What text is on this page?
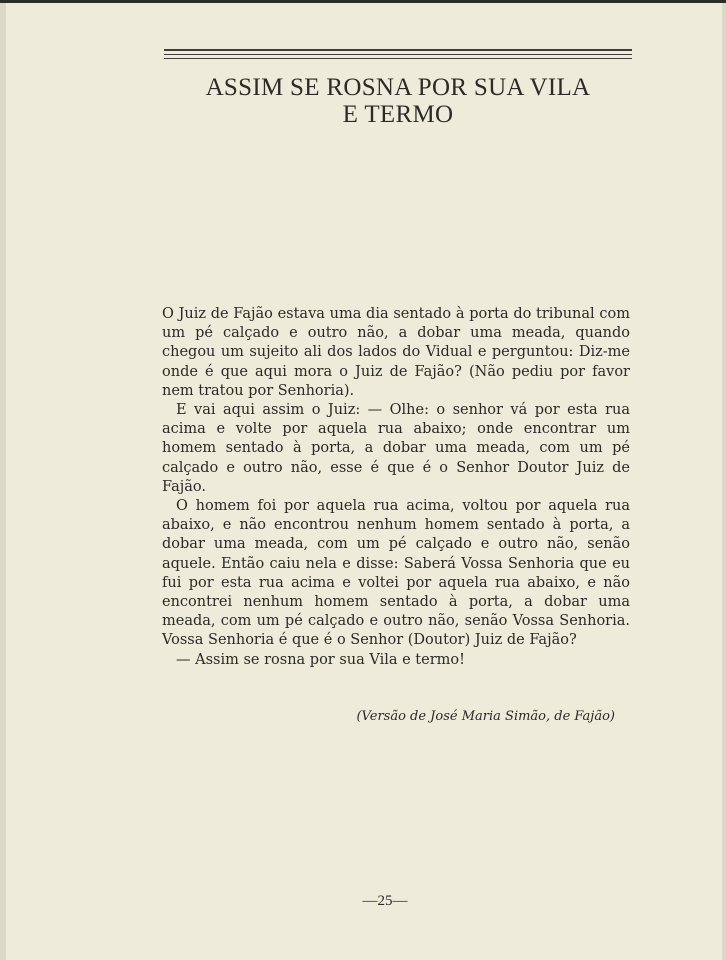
ASSIM SE ROSNA POR SUA VILA
E TERMO

O Juiz de Fajão estava uma dia sentado à porta do tribunal com um pé calçado e outro não, a dobar uma meada, quando chegou um sujeito ali dos lados do Vidual e perguntou: Diz-me onde é que aqui mora o Juiz de Fajão? (Não pediu por favor nem tratou por Senhoria).

E vai aqui assim o Juiz: — Olhe: o senhor vá por esta rua acima e volte por aquela rua abaixo; onde encontrar um homem sentado à porta, a dobar uma meada, com um pé calçado e outro não, esse é que é o Senhor Doutor Juiz de Fajão.

O homem foi por aquela rua acima, voltou por aquela rua abaixo, e não encontrou nenhum homem sentado à porta, a dobar uma meada, com um pé calçado e outro não, senão aquele. Então caiu nela e disse: Saberá Vossa Senhoria que eu fui por esta rua acima e voltei por aquela rua abaixo, e não encontrei nenhum homem sentado à porta, a dobar uma meada, com um pé calçado e outro não, senão Vossa Senhoria. Vossa Senhoria é que é o Senhor (Doutor) Juiz de Fajão?

— Assim se rosna por sua Vila e termo!

(Versão de José Maria Simão, de Fajão)
—25—
